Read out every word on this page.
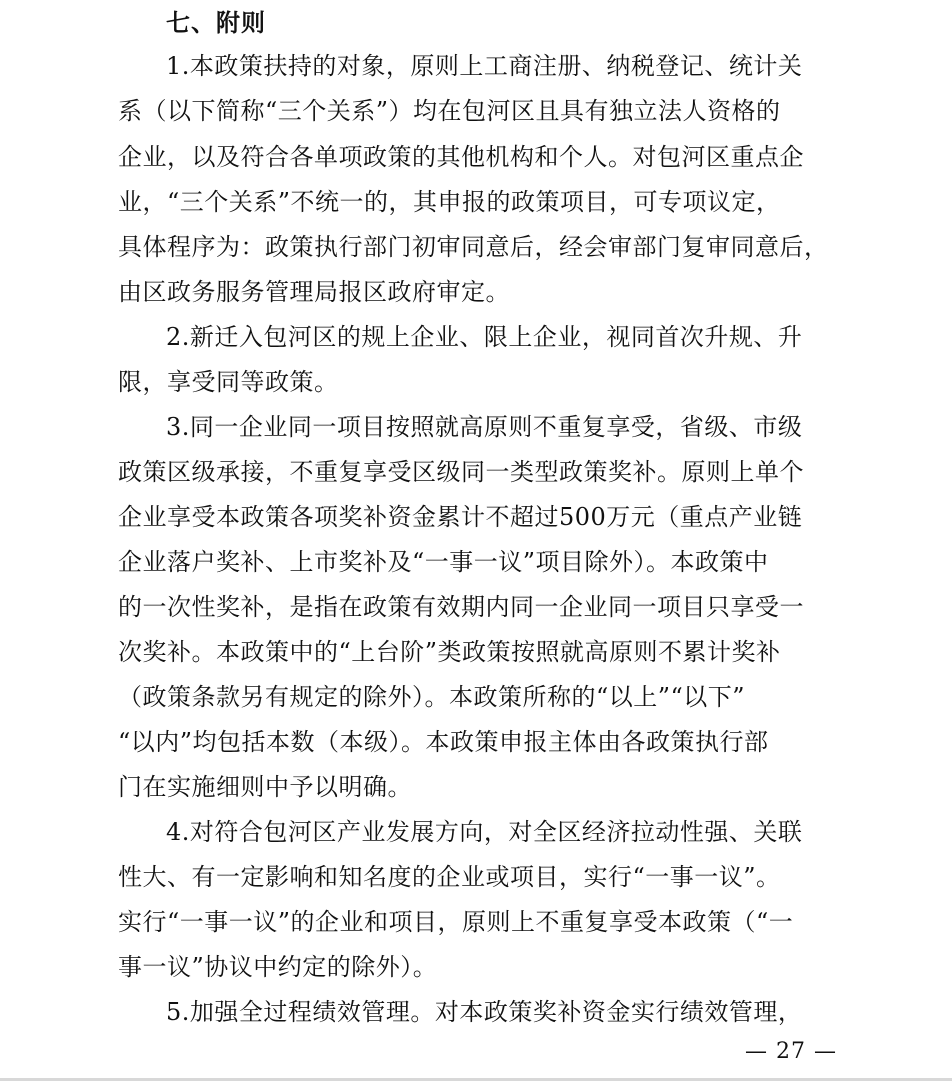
七、附则
1.本政策扶持的对象，原则上工商注册、纳税登记、统计关
系（以下简称“三个关系”）均在包河区且具有独立法人资格的
企业，以及符合各单项政策的其他机构和个人。对包河区重点企
业，“三个关系”不统一的，其申报的政策项目，可专项议定，
具体程序为：政策执行部门初审同意后，经会审部门复审同意后，
由区政务服务管理局报区政府审定。
2.新迁入包河区的规上企业、限上企业，视同首次升规、升
限，享受同等政策。
3.同一企业同一项目按照就高原则不重复享受，省级、市级
政策区级承接，不重复享受区级同一类型政策奖补。原则上单个
企业享受本政策各项奖补资金累计不超过500万元（重点产业链
企业落户奖补、上市奖补及“一事一议”项目除外）。本政策中
的一次性奖补，是指在政策有效期内同一企业同一项目只享受一
次奖补。本政策中的“上台阶”类政策按照就高原则不累计奖补
（政策条款另有规定的除外）。本政策所称的“以上”“以下”
“以内”均包括本数（本级）。本政策申报主体由各政策执行部
门在实施细则中予以明确。
4.对符合包河区产业发展方向，对全区经济拉动性强、关联
性大、有一定影响和知名度的企业或项目，实行“一事一议”。
实行“一事一议”的企业和项目，原则上不重复享受本政策（“一
事一议”协议中约定的除外）。
5.加强全过程绩效管理。对本政策奖补资金实行绩效管理，
— 27 —
